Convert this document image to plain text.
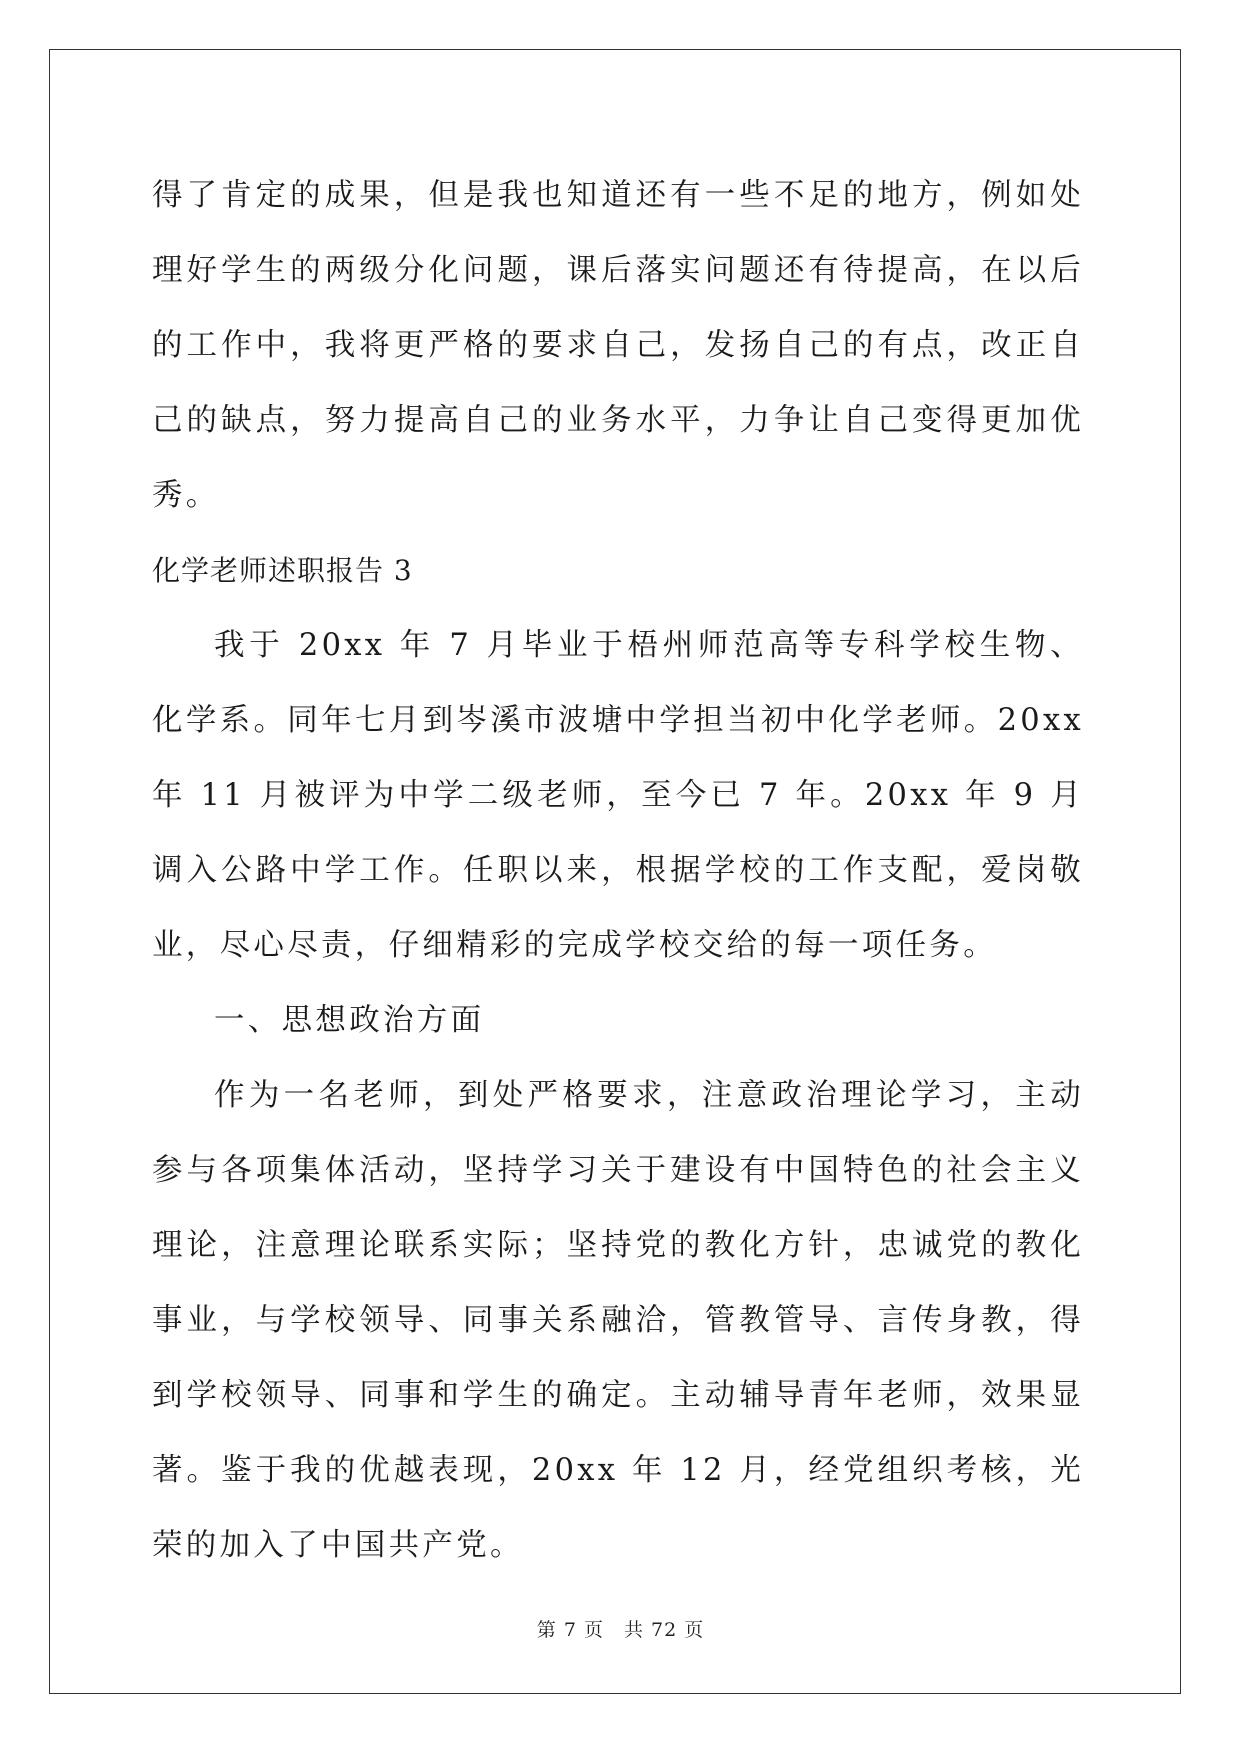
得了肯定的成果，但是我也知道还有一些不足的地方，例如处理好学生的两级分化问题，课后落实问题还有待提高，在以后的工作中，我将更严格的要求自己，发扬自己的有点，改正自己的缺点，努力提高自己的业务水平，力争让自己变得更加优秀。

化学老师述职报告 3

我于 20xx 年 7 月毕业于梧州师范高等专科学校生物、化学系。同年七月到岑溪市波塘中学担当初中化学老师。20xx 年 11 月被评为中学二级老师，至今已 7 年。20xx 年 9 月调入公路中学工作。任职以来，根据学校的工作支配，爱岗敬业，尽心尽责，仔细精彩的完成学校交给的每一项任务。

一、思想政治方面

作为一名老师，到处严格要求，注意政治理论学习，主动参与各项集体活动，坚持学习关于建设有中国特色的社会主义理论，注意理论联系实际；坚持党的教化方针，忠诚党的教化事业，与学校领导、同事关系融洽，管教管导、言传身教，得到学校领导、同事和学生的确定。主动辅导青年老师，效果显著。鉴于我的优越表现，20xx 年 12 月，经党组织考核，光荣的加入了中国共产党。

第 7 页　共 72 页
